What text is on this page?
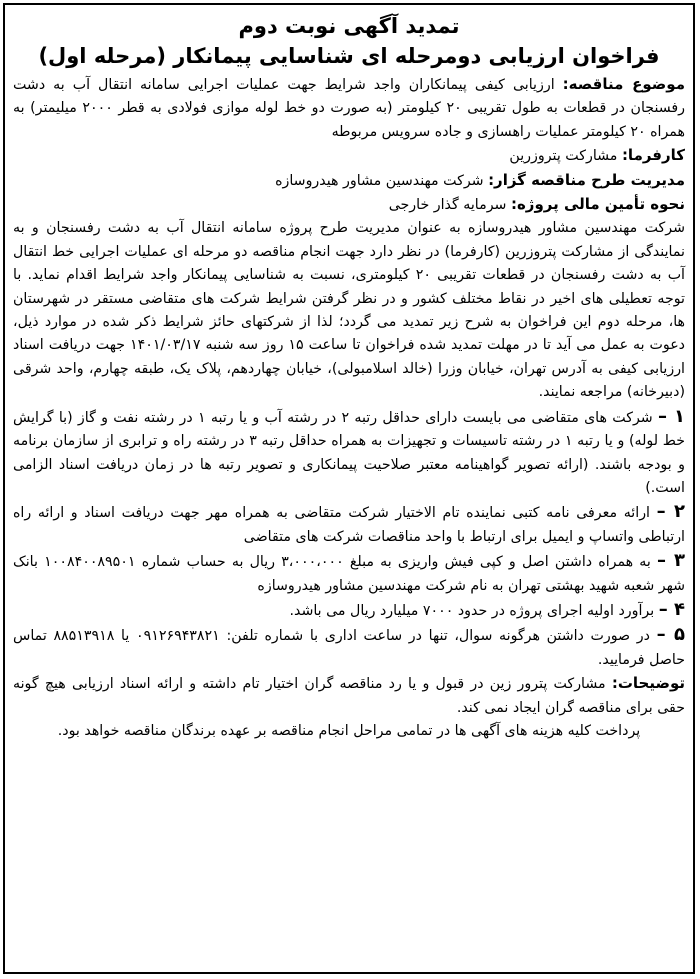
تمدید آگهی نوبت دوم
فراخوان ارزیابی دومرحله ای شناسایی پیمانکار (مرحله اول)

موضوع مناقصه: ارزیابی کیفی پیمانکاران واجد شرایط جهت عملیات اجرایی سامانه انتقال آب به دشت رفسنجان در قطعات به طول تقریبی ۲۰ کیلومتر (به صورت دو خط لوله موازی فولادی به قطر ۲۰۰۰ میلیمتر) به همراه ۲۰ کیلومتر عملیات راهسازی و جاده سرویس مربوطه

کارفرما: مشارکت پتروزرین

مدیریت طرح مناقصه گزار: شرکت مهندسین مشاور هیدروسازه

نحوه تأمین مالی پروژه: سرمایه گذار خارجی

شرکت مهندسین مشاور هیدروسازه به عنوان مدیریت طرح پروژه سامانه انتقال آب به دشت رفسنجان و به نمایندگی از مشارکت پتروزرین (کارفرما) در نظر دارد جهت انجام مناقصه دو مرحله ای عملیات اجرایی خط انتقال آب به دشت رفسنجان در قطعات تقریبی ۲۰ کیلومتری، نسبت به شناسایی پیمانکار واجد شرایط اقدام نماید. با توجه تعطیلی های اخیر در نقاط مختلف کشور و در نظر گرفتن شرایط شرکت های متقاضی مستقر در شهرستان ها، مرحله دوم این فراخوان به شرح زیر تمدید می گردد؛ لذا از شرکتهای حائز شرایط ذکر شده در موارد ذیل، دعوت به عمل می آید تا در مهلت تمدید شده فراخوان تا ساعت ۱۵ روز سه شنبه ۱۴۰۱/۰۳/۱۷ جهت دریافت اسناد ارزیابی کیفی به آدرس تهران، خیابان وزرا (خالد اسلامبولی)، خیابان چهاردهم، پلاک یک، طبقه چهارم، واحد شرقی (دبیرخانه) مراجعه نمایند.

۱ – شرکت های متقاضی می بایست دارای حداقل رتبه ۲ در رشته آب و یا رتبه ۱ در رشته نفت و گاز (با گرایش خط لوله) و یا رتبه ۱ در رشته تاسیسات و تجهیزات به همراه حداقل رتبه ۳ در رشته راه و ترابری از سازمان برنامه و بودجه باشند. (ارائه تصویر گواهینامه معتبر صلاحیت پیمانکاری و تصویر رتبه ها در زمان دریافت اسناد الزامی است.)

۲ – ارائه معرفی نامه کتبی نماینده تام الاختیار شرکت متقاضی به همراه مهر جهت دریافت اسناد و ارائه راه ارتباطی واتساپ و ایمیل برای ارتباط با واحد مناقصات شرکت های متقاضی

۳ – به همراه داشتن اصل و کپی فیش واریزی به مبلغ ۳،۰۰۰،۰۰۰ ریال به حساب شماره ۱۰۰۸۴۰۰۸۹۵۰۱ بانک شهر شعبه شهید بهشتی تهران به نام شرکت مهندسین مشاور هیدروسازه

۴ – برآورد اولیه اجرای پروژه در حدود ۷۰۰۰ میلیارد ریال می باشد.

۵ – در صورت داشتن هرگونه سوال، تنها در ساعت اداری با شماره تلفن: ۰۹۱۲۶۹۴۳۸۲۱ یا ۸۸۵۱۳۹۱۸ تماس حاصل فرمایید.

توضیحات: مشارکت پترور زین در قبول و یا رد مناقصه گران اختیار تام داشته و ارائه اسناد ارزیابی هیچ گونه حقی برای مناقصه گران ایجاد نمی کند.

پرداخت کلیه هزینه های آگهی ها در تمامی مراحل انجام مناقصه بر عهده برندگان مناقصه خواهد بود.
